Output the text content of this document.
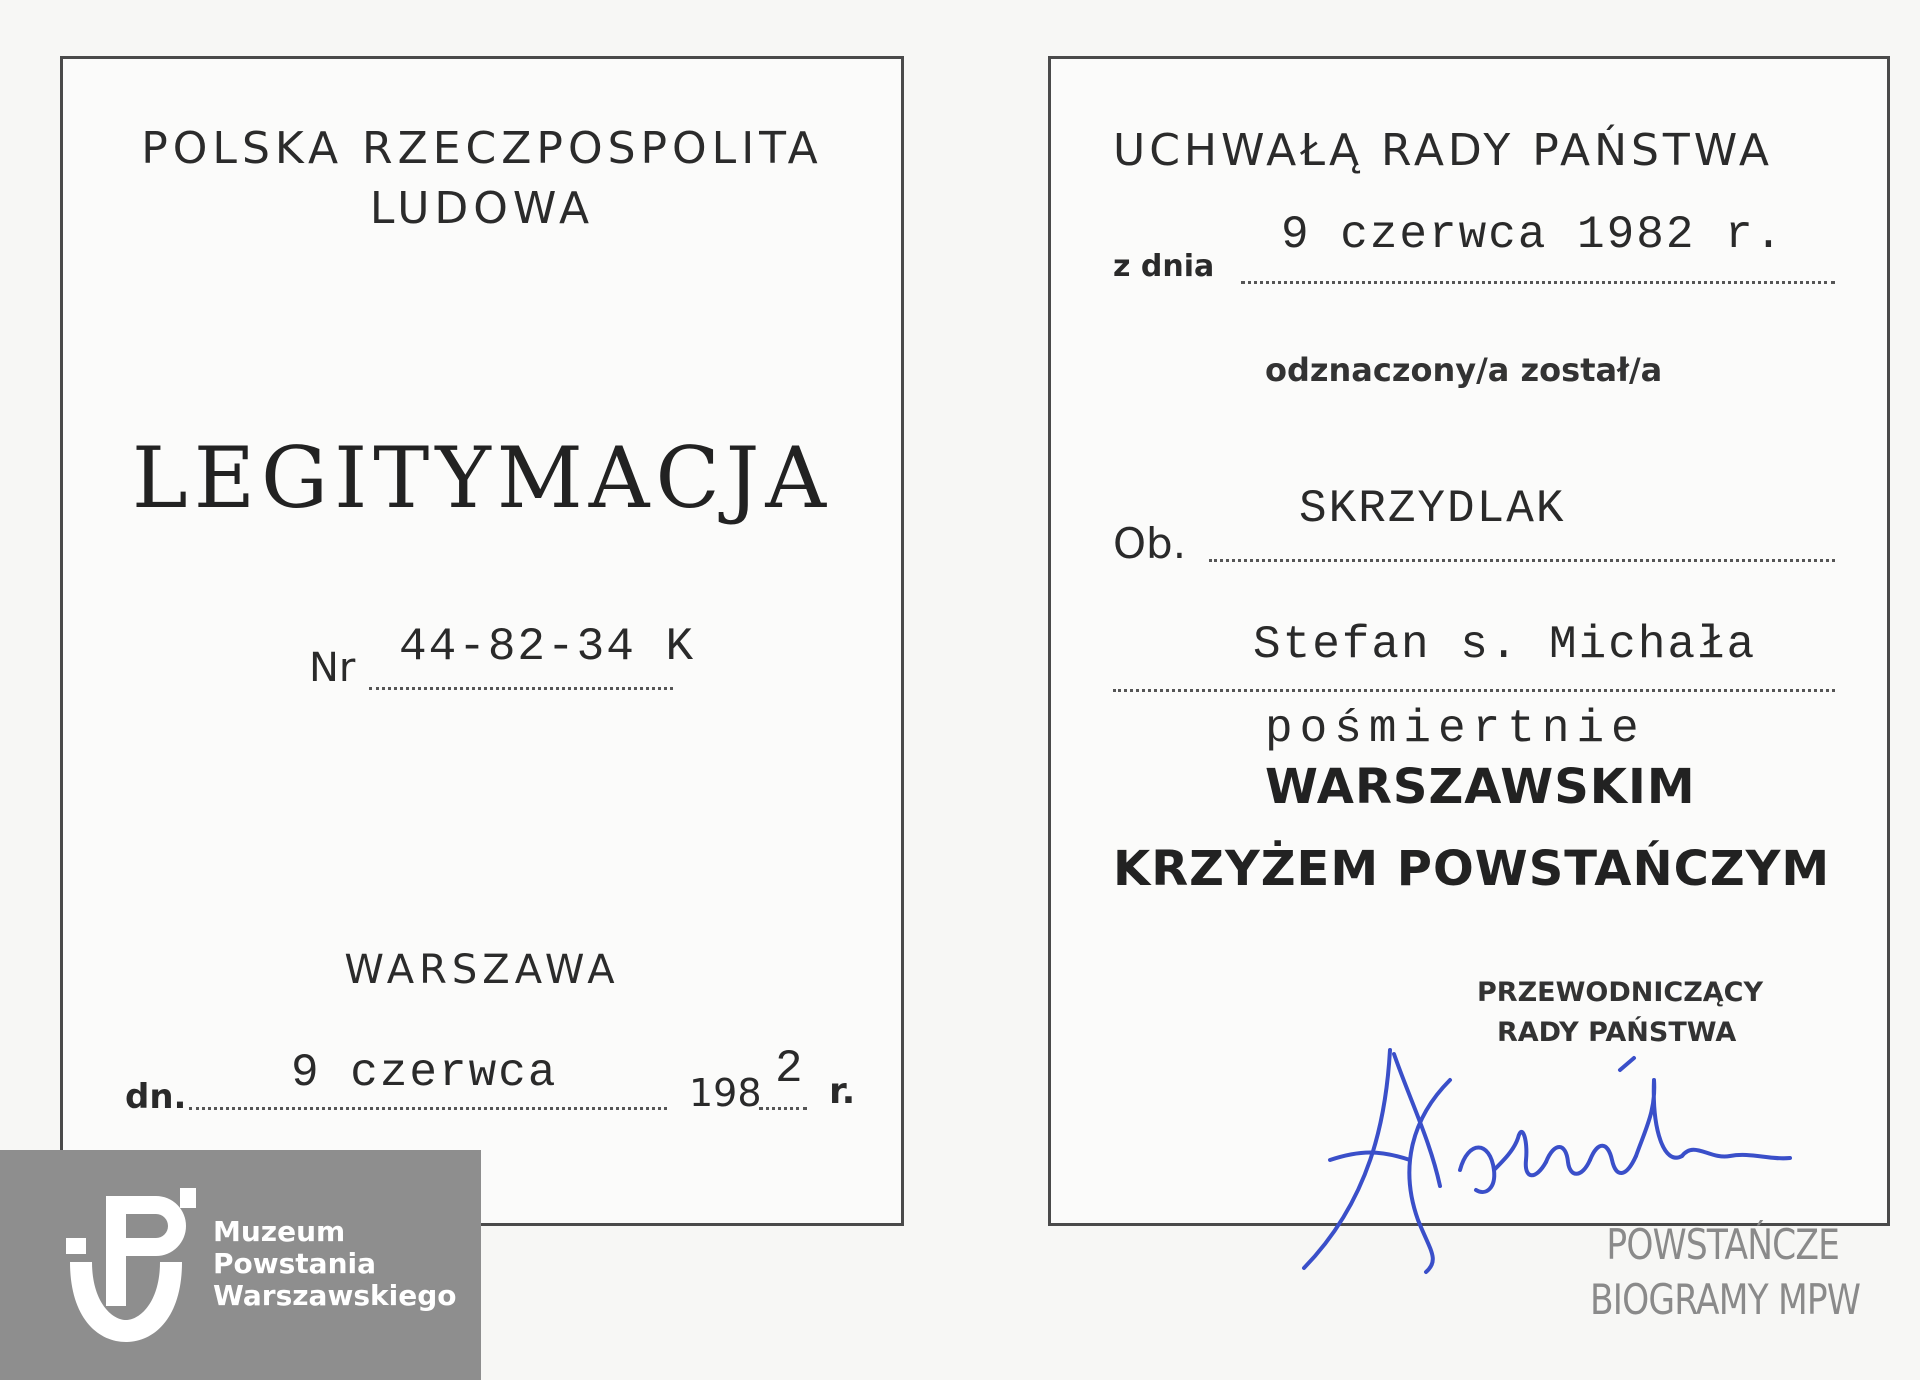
POLSKA RZECZPOSPOLITA

LUDOWA

LEGITYMACJA

Nr 44-82-34 K

WARSZAWA

dn. 9 czerwca	198 2 r.

UCHWAŁĄ RADY PAŃSTWA

z dnia

9 czerwca 1982 r.

odznaczony/a został/a

Ob.

SKRZYDLAK

Stefan s. Michała

pośmiertnie

WARSZAWSKIM

KRZYŻEM POWSTAŃCZYM

PRZEWODNICZĄCY

RADY PAŃSTWA

POWSTAŃCZE
BIOGRAMY MPW
Muzeum
Powstania
Warszawskiego
